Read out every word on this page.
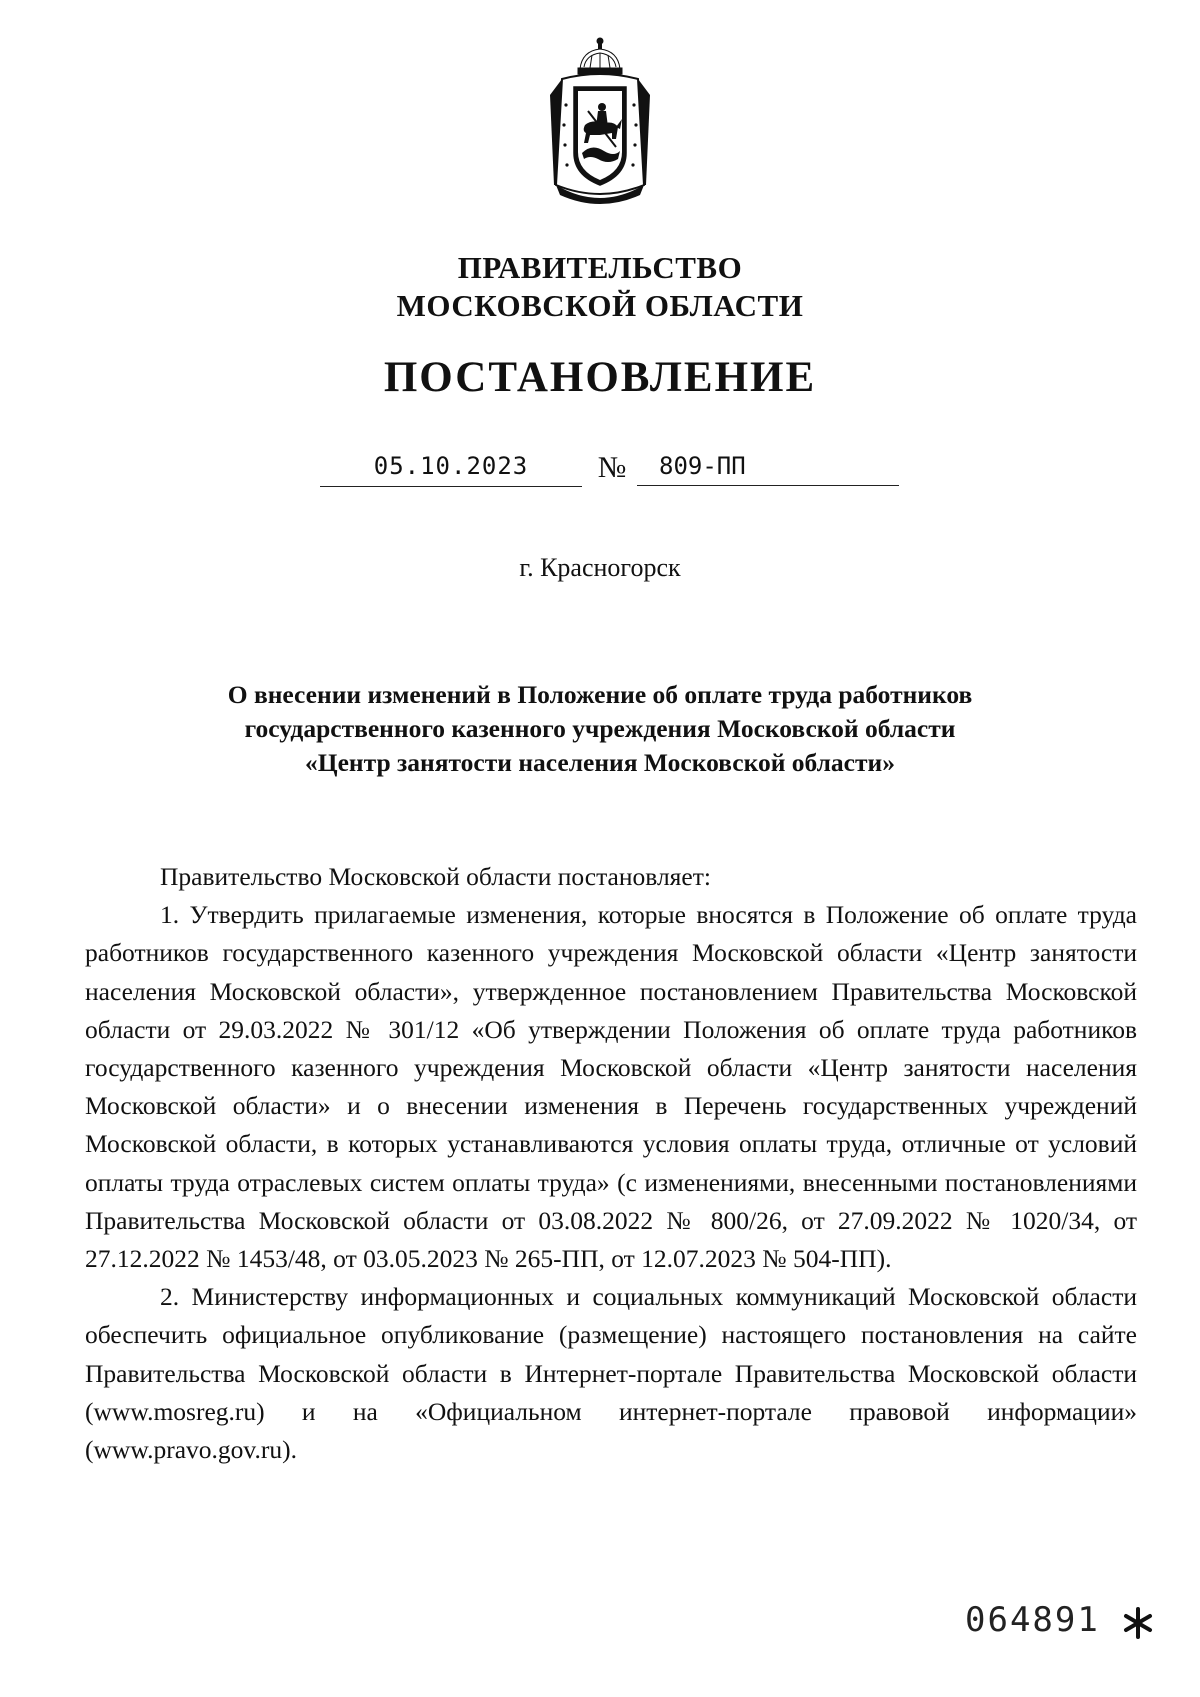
ПРАВИТЕЛЬСТВО
МОСКОВСКОЙ ОБЛАСТИ
ПОСТАНОВЛЕНИЕ
05.10.2023	№	809-ПП
г. Красногорск
О внесении изменений в Положение об оплате труда работников
государственного казенного учреждения Московской области
«Центр занятости населения Московской области»

Правительство Московской области постановляет:

1. Утвердить прилагаемые изменения, которые вносятся в Положение об оплате труда работников государственного казенного учреждения Московской области «Центр занятости населения Московской области», утвержденное постановлением Правительства Московской области от 29.03.2022 № 301/12 «Об утверждении Положения об оплате труда работников государственного казенного учреждения Московской области «Центр занятости населения Московской области» и о внесении изменения в Перечень государственных учреждений Московской области, в которых устанавливаются условия оплаты труда, отличные от условий оплаты труда отраслевых систем оплаты труда» (с изменениями, внесенными постановлениями Правительства Московской области от 03.08.2022 № 800/26, от 27.09.2022 № 1020/34, от 27.12.2022 № 1453/48, от 03.05.2023 № 265-ПП, от 12.07.2023 № 504-ПП).

2. Министерству информационных и социальных коммуникаций Московской области обеспечить официальное опубликование (размещение) настоящего постановления на сайте Правительства Московской области в Интернет-портале Правительства Московской области (www.mosreg.ru) и на «Официальном интернет-портале правовой информации» (www.pravo.gov.ru).

064891
